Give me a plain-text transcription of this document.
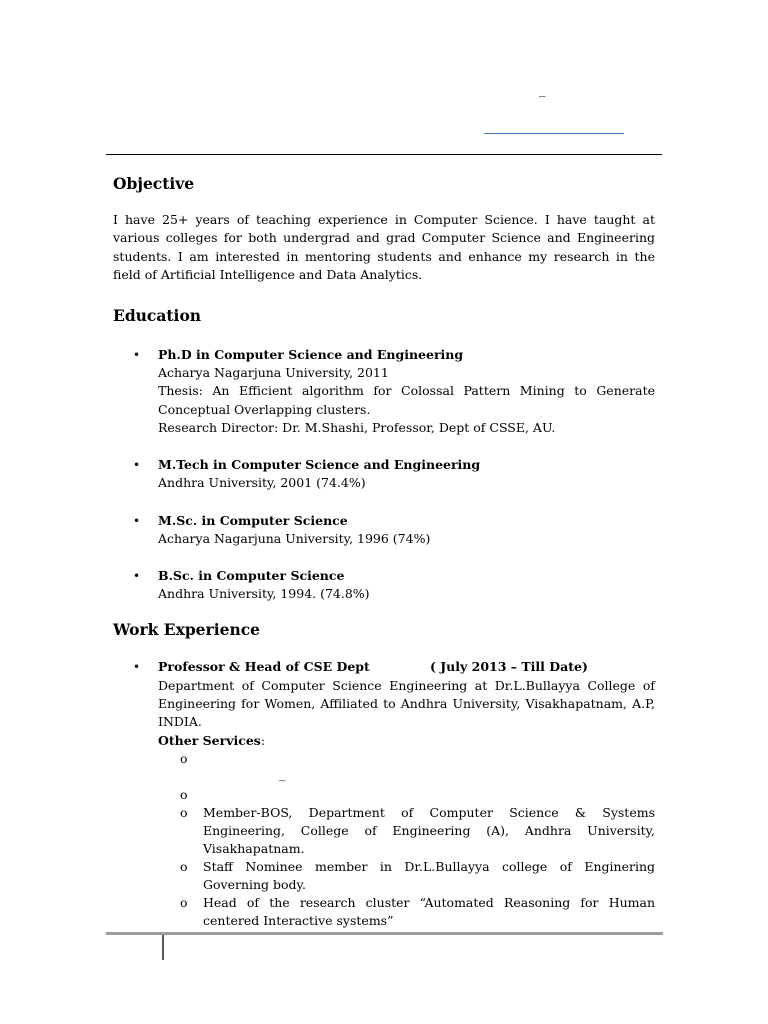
_
Objective

I have 25+ years of teaching experience in Computer Science. I have taught at various colleges for both undergrad and grad Computer Science and Engineering students. I am interested in mentoring students and enhance my research in the field of Artificial Intelligence and Data Analytics.

Education
•	Ph.D in Computer Science and Engineering
Acharya Nagarjuna University, 2011
Thesis: An Efficient algorithm for Colossal Pattern Mining to Generate
Conceptual Overlapping clusters.
Research Director: Dr. M.Shashi, Professor, Dept of CSSE, AU.
•	M.Tech in Computer Science and Engineering
Andhra University, 2001 (74.4%)
•	M.Sc. in Computer Science
Acharya Nagarjuna University, 1996 (74%)
•	B.Sc. in Computer Science
Andhra University, 1994. (74.8%)
Work Experience
•	Professor & Head of CSE Dept	( July 2013 – Till Date)
Department of Computer Science Engineering at Dr.L.Bullayya College of
Engineering for Women, Affiliated to Andhra University, Visakhapatnam, A.P,
INDIA.
Other Services:
o
_
o
o	Member-BOS, Department of Computer Science & Systems
Engineering, College of Engineering (A), Andhra University,
Visakhapatnam.
o	Staff Nominee member in Dr.L.Bullayya college of Enginering
Governing body.
o	Head of the research cluster “Automated Reasoning for Human
centered Interactive systems”
